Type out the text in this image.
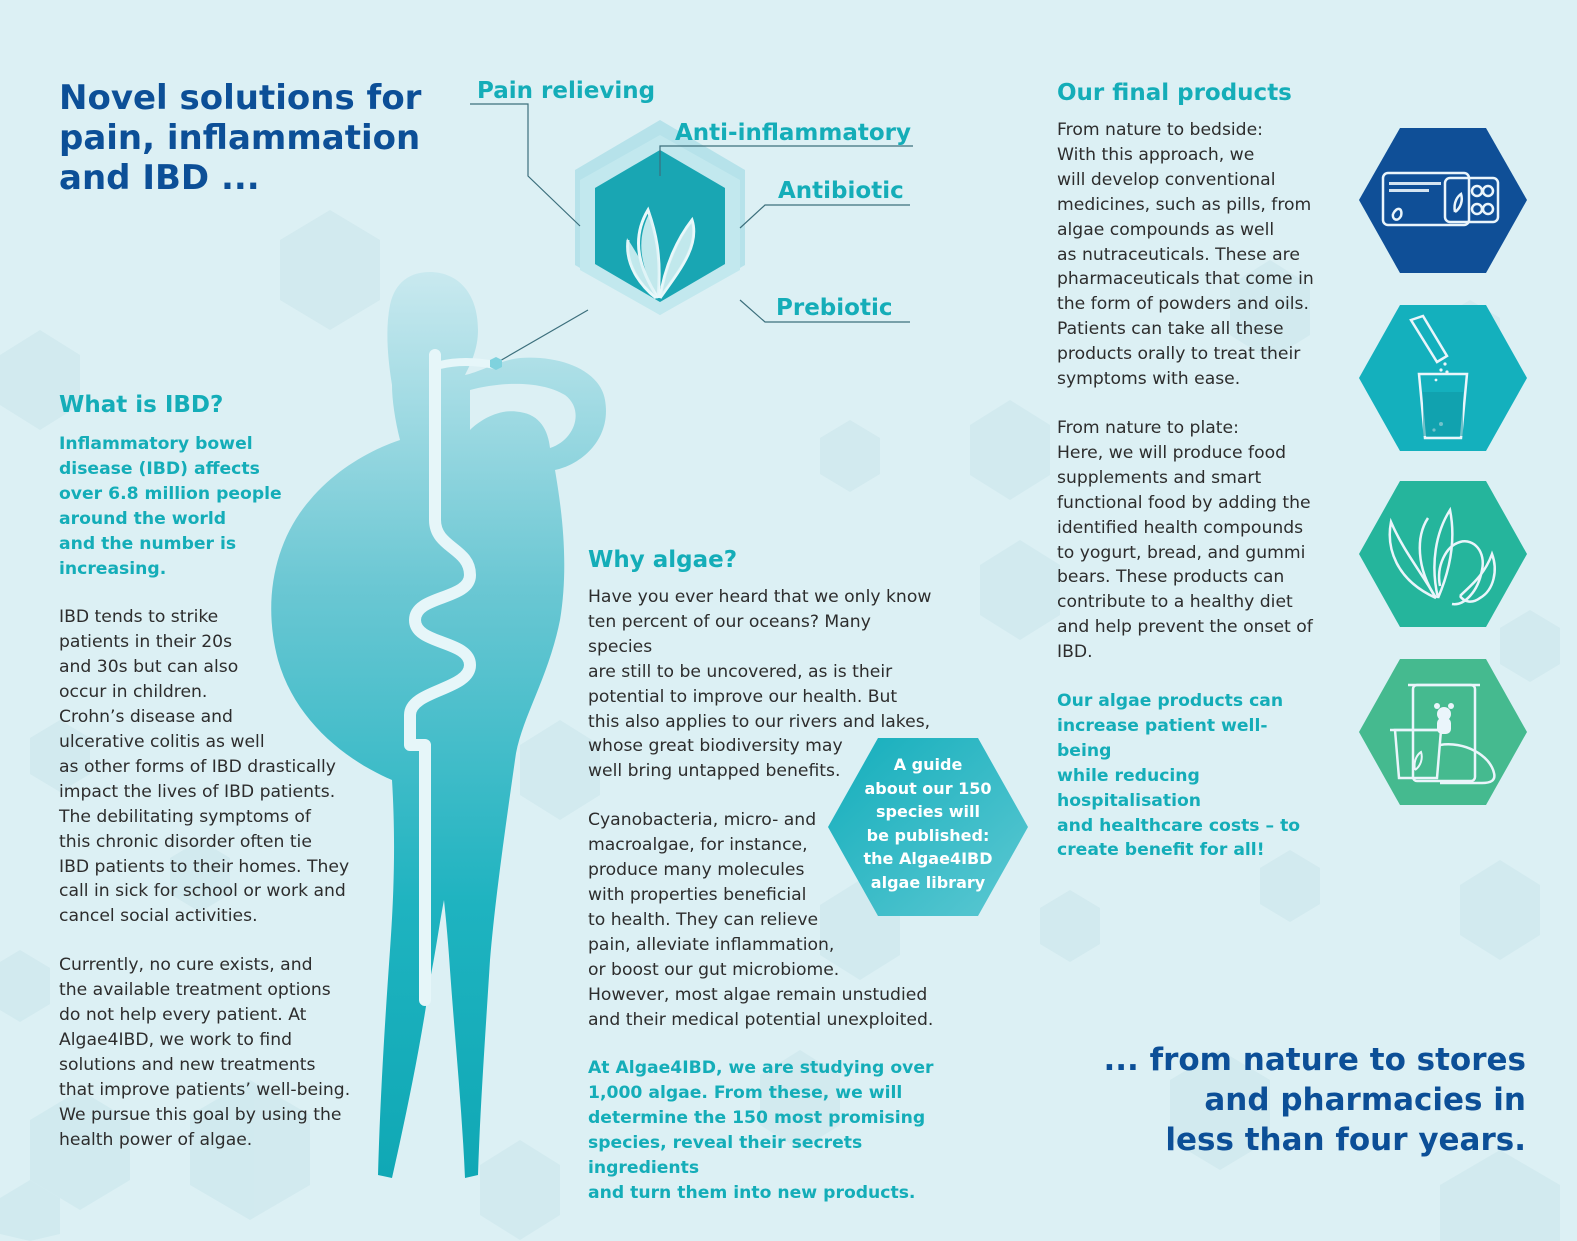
Novel solutions for
pain, inflammation
and IBD ...
Pain relieving
Anti-inflammatory
Antibiotic
Prebiotic
What is IBD?
Inflammatory bowel
disease (IBD) affects
over 6.8 million people
around the world
and the number is
increasing.
IBD tends to strike
patients in their 20s
and 30s but can also
occur in children.
Crohn’s disease and
ulcerative colitis as well
as other forms of IBD drastically
impact the lives of IBD patients.
The debilitating symptoms of
this chronic disorder often tie
IBD patients to their homes. They
call in sick for school or work and
cancel social activities.
Currently, no cure exists, and
the available treatment options
do not help every patient. At
Algae4IBD, we work to find
solutions and new treatments
that improve patients’ well-being.
We pursue this goal by using the
health power of algae.
Why algae?
Have you ever heard that we only know
ten percent of our oceans? Many species
are still to be uncovered, as is their
potential to improve our health. But
this also applies to our rivers and lakes,
whose great biodiversity may
well bring untapped benefits.
Cyanobacteria, micro- and
macroalgae, for instance,
produce many molecules
with properties beneficial
to health. They can relieve
pain, alleviate inflammation,
or boost our gut microbiome.
However, most algae remain unstudied
and their medical potential unexploited.
At Algae4IBD, we are studying over
1,000 algae. From these, we will
determine the 150 most promising
species, reveal their secrets ingredients
and turn them into new products.
A guide
about our 150
species will
be published:
the Algae4IBD
algae library
Our final products
From nature to bedside:
With this approach, we
will develop conventional
medicines, such as pills, from
algae compounds as well
as nutraceuticals. These are
pharmaceuticals that come in
the form of powders and oils.
Patients can take all these
products orally to treat their
symptoms with ease.
From nature to plate:
Here, we will produce food
supplements and smart
functional food by adding the
identified health compounds
to yogurt, bread, and gummi
bears. These products can
contribute to a healthy diet
and help prevent the onset of
IBD.
Our algae products can
increase patient well-being
while reducing hospitalisation
and healthcare costs – to
create benefit for all!
... from nature to stores
and pharmacies in
less than four years.
